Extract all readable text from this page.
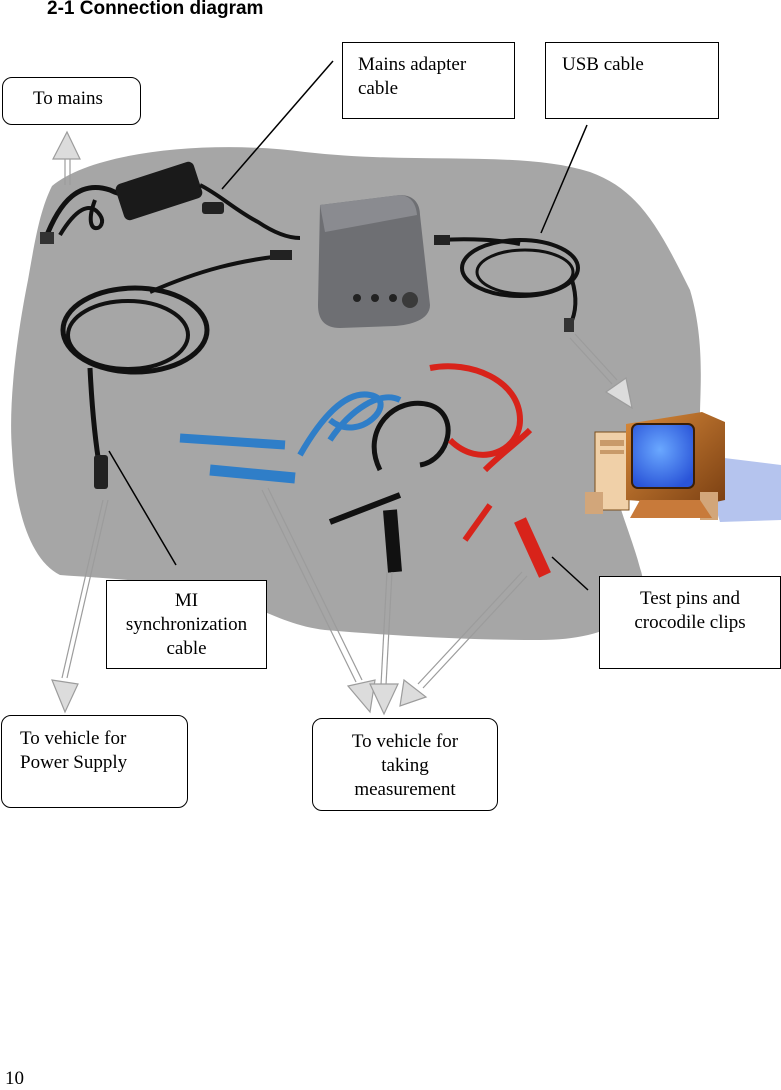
2-1 Connection diagram
To mains
Mains adapter cable
USB cable
MI synchronization cable
Test pins and crocodile clips
To vehicle for Power Supply
To vehicle for taking measurement
10
